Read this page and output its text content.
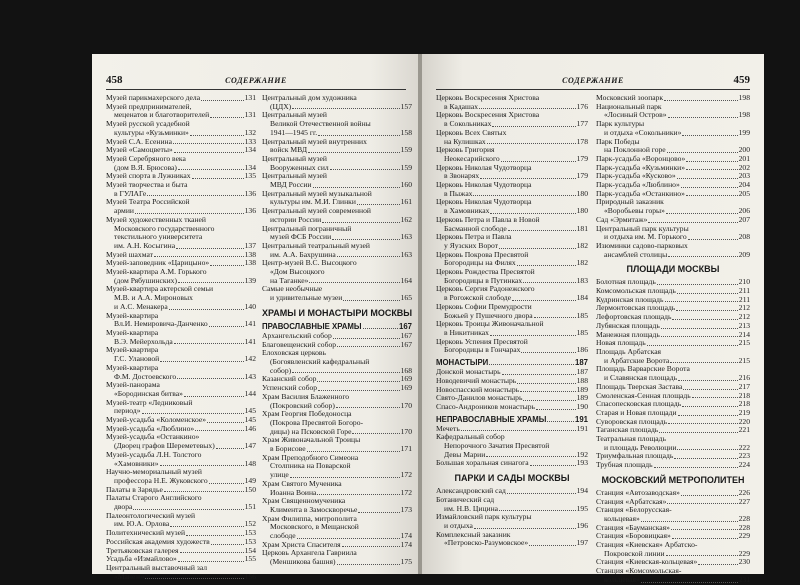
458	СОДЕРЖАНИЕ
Музей парикмахерского дела	131
Музей предпринимателей,
меценатов и благотворителей	131
Музей русской усадебной
культуры «Кузьминки»	132
Музей С.А. Есенина	133
Музей «Самоцветы»	134
Музей Серебряного века
(дом В.Я. Брюсова)	134
Музей спорта в Лужниках	135
Музей творчества и быта
в ГУЛАГе	136
Музей Театра Российской
армии	136
Музей художественных тканей
Московского государственного
текстильного университета
им. А.Н. Косыгина	137
Музей шахмат	138
Музей-заповедник «Царицыно»	138
Музей-квартира А.М. Горького
(дом Рябушинских)	139
Музей-квартира актерской семьи
М.В. и А.А. Мироновых
и А.С. Менакера	140
Музей-квартира
Вл.И. Немировича-Данченко	141
Музей-квартира
В.Э. Мейерхольда	141
Музей-квартира
Г.С. Улановой	142
Музей-квартира
Ф.М. Достоевского	143
Музей-панорама
«Бородинская битва»	144
Музей-театр «Ледниковый
период»	145
Музей-усадьба «Коломенское»	145
Музей-усадьба «Люблино»	146
Музей-усадьба «Останкино»
(Дворец графов Шереметевых)	147
Музей-усадьба Л.Н. Толстого
«Хамовники»	148
Научно-мемориальный музей
профессора Н.Е. Жуковского	149
Палаты в Зарядье	150
Палаты Старого Английского
двора	151
Палеонтологический музей
им. Ю.А. Орлова	152
Политехнический музей	153
Российская академия художеств	153
Третьяковская галерея	154
Усадьба «Измайлово»	155
Центральный выставочный зал
«Манеж»	156
Центральный дом художника
(ЦДХ)	157
Центральный музей
Великой Отечественной войны
1941—1945 гг.	158
Центральный музей внутренних
войск МВД	159
Центральный музей
Вооруженных сил	159
Центральный музей
МВД России	160
Центральный музей музыкальной
культуры им. М.И. Глинки	161
Центральный музей современной
истории России	162
Центральный пограничный
музей ФСБ России	163
Центральный театральный музей
им. А.А. Бахрушина	163
Центр-музей В.С. Высоцкого
«Дом Высоцкого
на Таганке»	164
Самые необычные
и удивительные музеи	165
ХРАМЫ И МОНАСТЫРИ МОСКВЫ
ПРАВОСЛАВНЫЕ ХРАМЫ	167
Архангельский собор	167
Благовещенский собор	167
Елоховская церковь
(Богоявленский кафедральный
собор)	168
Казанский собор	169
Успенский собор	169
Храм Василия Блаженного
(Покровский собор)	170
Храм Георгия Победоносца
(Покрова Пресвятой Богоро-
дицы) на Псковской Горе	170
Храм Живоначальной Троицы
в Борисове	171
Храм Преподобного Симеона
Столпника на Поварской
улице	172
Храм Святого Мученика
Иоанна Воина	172
Храм Священномученика
Климента в Замоскворечье	173
Храм Филиппа, митрополита
Московского, в Мещанской
слободе	174
Храм Христа Спасителя	174
Церковь Архангела Гавриила
(Меншикова башня)	175
СОДЕРЖАНИЕ	459
Церковь Воскресения Христова
в Кадашах	176
Церковь Воскресения Христова
в Сокольниках	177
Церковь Всех Святых
на Кулишках	178
Церковь Григория
Неокесарийского	179
Церковь Николая Чудотворца
в Звонарях	179
Церковь Николая Чудотворца
в Пыжах	180
Церковь Николая Чудотворца
в Хамовниках	180
Церковь Петра и Павла в Новой
Басманной слободе	181
Церковь Петра и Павла
у Яузских Ворот	182
Церковь Покрова Пресвятой
Богородицы на Филях	182
Церковь Рождества Пресвятой
Богородицы в Путинках	183
Церковь Сергия Радонежского
в Рогожской слободе	184
Церковь Софии Премудрости
Божьей у Пушечного двора	185
Церковь Троицы Живоначальной
в Никитниках	185
Церковь Успения Пресвятой
Богородицы в Гончарах	186
МОНАСТЫРИ	187
Донской монастырь	187
Новодевичий монастырь	188
Новоспасский монастырь	189
Свято-Данилов монастырь	189
Спасо-Андроников монастырь	190
НЕПРАВОСЛАВНЫЕ ХРАМЫ	191
Мечеть	191
Кафедральный собор
Непорочного Зачатия Пресвятой
Девы Марии	192
Большая хоральная синагога	193
ПАРКИ И САДЫ МОСКВЫ
Александровский сад	194
Ботанический сад
им. Н.В. Цицина	195
Измайловский парк культуры
и отдыха	196
Комплексный заказник
«Петровско-Разумовское»	197
Московский зоопарк	198
Национальный парк
«Лосиный Остров»	198
Парк культуры
и отдыха «Сокольники»	199
Парк Победы
на Поклонной горе	200
Парк-усадьба «Воронцово»	201
Парк-усадьба «Кузьминки»	202
Парк-усадьба «Кусково»	203
Парк-усадьба «Люблино»	204
Парк-усадьба «Останкино»	205
Природный заказник
«Воробьевы горы»	206
Сад «Эрмитаж»	207
Центральный парк культуры
и отдыха им. М. Горького	208
Изюминки садово-парковых
ансамблей столицы	209
ПЛОЩАДИ МОСКВЫ
Болотная площадь	210
Комсомольская площадь	211
Кудринская площадь	211
Лермонтовская площадь	212
Лефортовская площадь	212
Лубянская площадь	213
Манежная площадь	214
Новая площадь	215
Площадь Арбатская
и Арбатские Ворота	215
Площадь Варварские Ворота
и Славянская площадь	216
Площадь Тверская Застава	217
Смоленская-Сенная площадь	218
Спасопесковская площадь	218
Старая и Новая площади	219
Суворовская площадь	220
Таганская площадь	221
Театральная площадь
и площадь Революции	222
Триумфальная площадь	223
Трубная площадь	224
МОСКОВСКИЙ МЕТРОПОЛИТЕН
Станция «Автозаводская»	226
Станция «Арбатская»	227
Станция «Белорусская-
кольцевая»	228
Станция «Бауманская»	228
Станция «Боровицкая»	229
Станция «Киевская» Арбатско-
Покровской линии	229
Станция «Киевская-кольцевая»	230
Станция «Комсомольская-
кольцевая»	231
